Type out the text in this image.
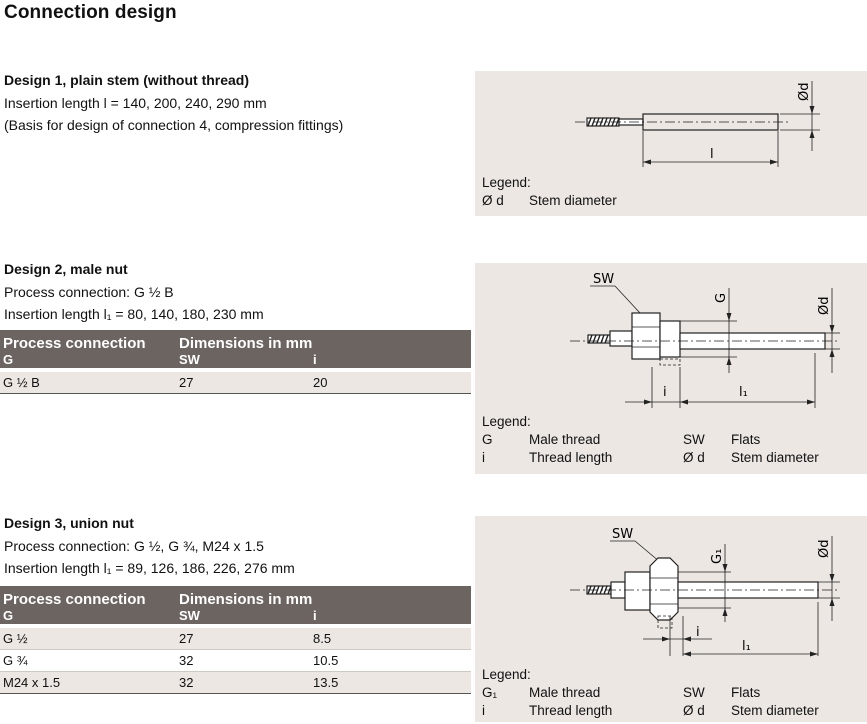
Connection design
Design 1, plain stem (without thread)
Insertion length l = 140, 200, 240, 290 mm
(Basis for design of connection 4, compression fittings)
l
Ød
Legend:
Ø d Stem diameter
Design 2, male nut
Process connection: G ½ B
Insertion length l₁ = 80, 140, 180, 230 mm
Process connection	Dimensions in mm	
G	SW	i
G ½ B	27	20
SW
G	Ød
i	l₁
Legend:
G	Male thread	SW Flats
i	Thread length	Ø d Stem diameter
Design 3, union nut
Process connection: G ½, G ¾, M24 x 1.5
Insertion length l₁ = 89, 126, 186, 226, 276 mm
Process connection	Dimensions in mm	
G	SW	i
G ½	27	8.5
G ¾	32	10.5
M24 x 1.5	32	13.5
SW
G₁	Ød
i
l₁
Legend:
G₁ Male thread	SW Flats
i	Thread length	Ø d Stem diameter
